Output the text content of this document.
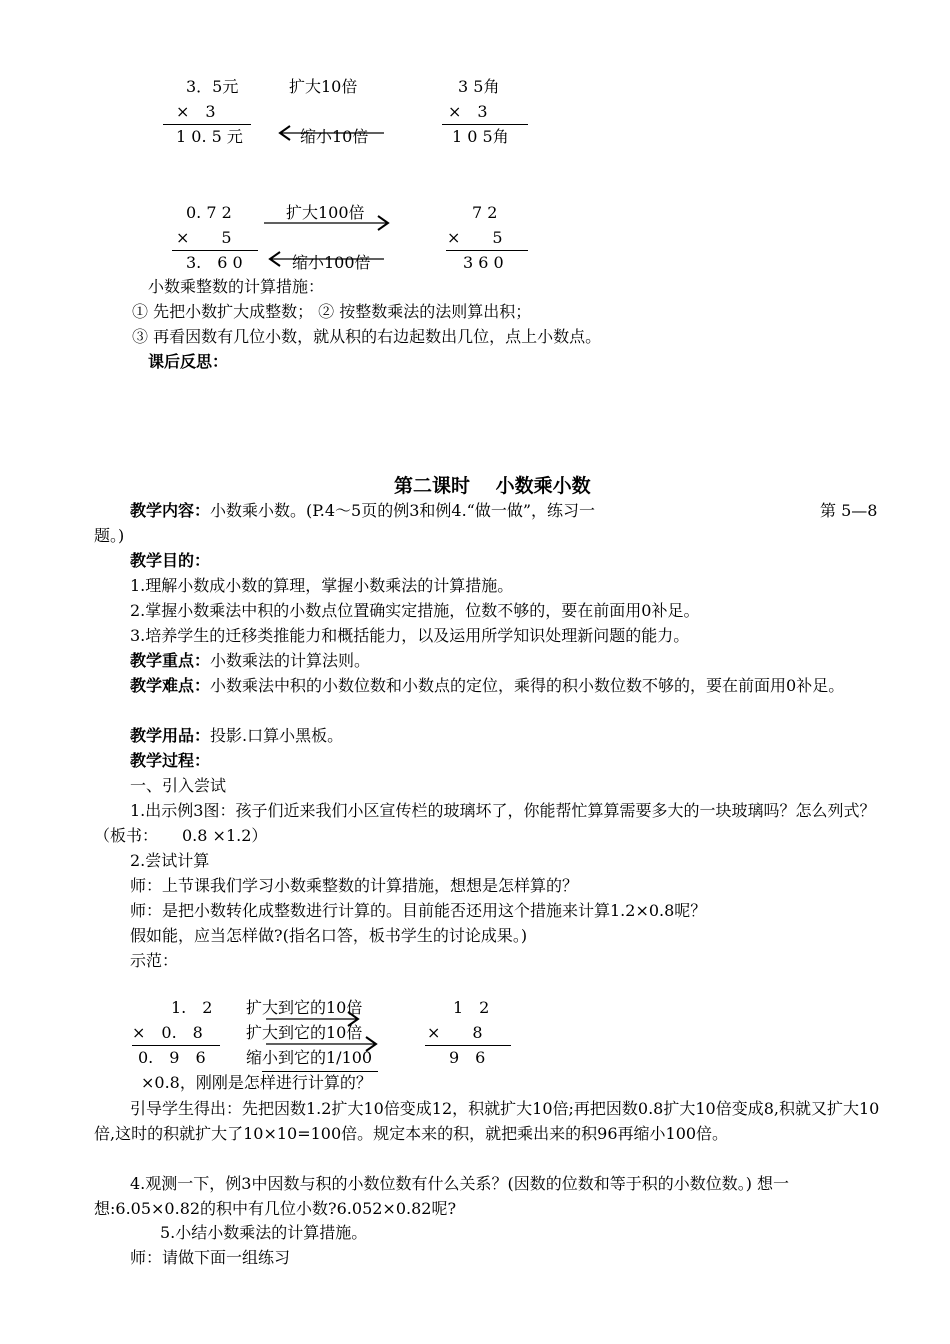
3．5元
×　3
1 0. 5 元
扩大10倍
缩小10倍
3 5角
×　3
1 0 5角
0. 7 2
×　　5
3.　6 0
扩大100倍
缩小100倍
7 2
×　　5
3 6 0
小数乘整数的计算措施：
① 先把小数扩大成整数； ② 按整数乘法的法则算出积；
③ 再看因数有几位小数，就从积的右边起数出几位，点上小数点。
课后反思：
第二课时　 小数乘小数
教学内容：小数乘小数。(P.4～5页的例3和例4.“做一做”，练习一	第 5—8
题。)
教学目的：
1.理解小数成小数的算理，掌握小数乘法的计算措施。
2.掌握小数乘法中积的小数点位置确实定措施，位数不够的，要在前面用0补足。
3.培养学生的迁移类推能力和概括能力，以及运用所学知识处理新问题的能力。
教学重点：小数乘法的计算法则。
教学难点：小数乘法中积的小数位数和小数点的定位，乘得的积小数位数不够的，要在前面用0补足。
教学用品：投影.口算小黑板。
教学过程：
一、引入尝试
1.出示例3图：孩子们近来我们小区宣传栏的玻璃坏了，你能帮忙算算需要多大的一块玻璃吗？怎么列式？（板书：　　0.8 ×1.2）
2.尝试计算
师：上节课我们学习小数乘整数的计算措施，想想是怎样算的？
师：是把小数转化成整数进行计算的。目前能否还用这个措施来计算1.2×0.8呢？
假如能，应当怎样做?(指名口答，板书学生的讨论成果。)
示范：
1.　2
×　0.　8
0.　9　6
扩大到它的10倍
扩大到它的10倍
缩小到它的1/100
1　2
×　　8
9　6
×0.8，刚刚是怎样进行计算的？
引导学生得出：先把因数1.2扩大10倍变成12，积就扩大10倍;再把因数0.8扩大10倍变成8,积就又扩大10倍,这时的积就扩大了10×10=100倍。规定本来的积，就把乘出来的积96再缩小100倍。
4.观测一下，例3中因数与积的小数位数有什么关系？(因数的位数和等于积的小数位数。) 想一想:6.05×0.82的积中有几位小数?6.052×0.82呢?
5.小结小数乘法的计算措施。
师：请做下面一组练习
